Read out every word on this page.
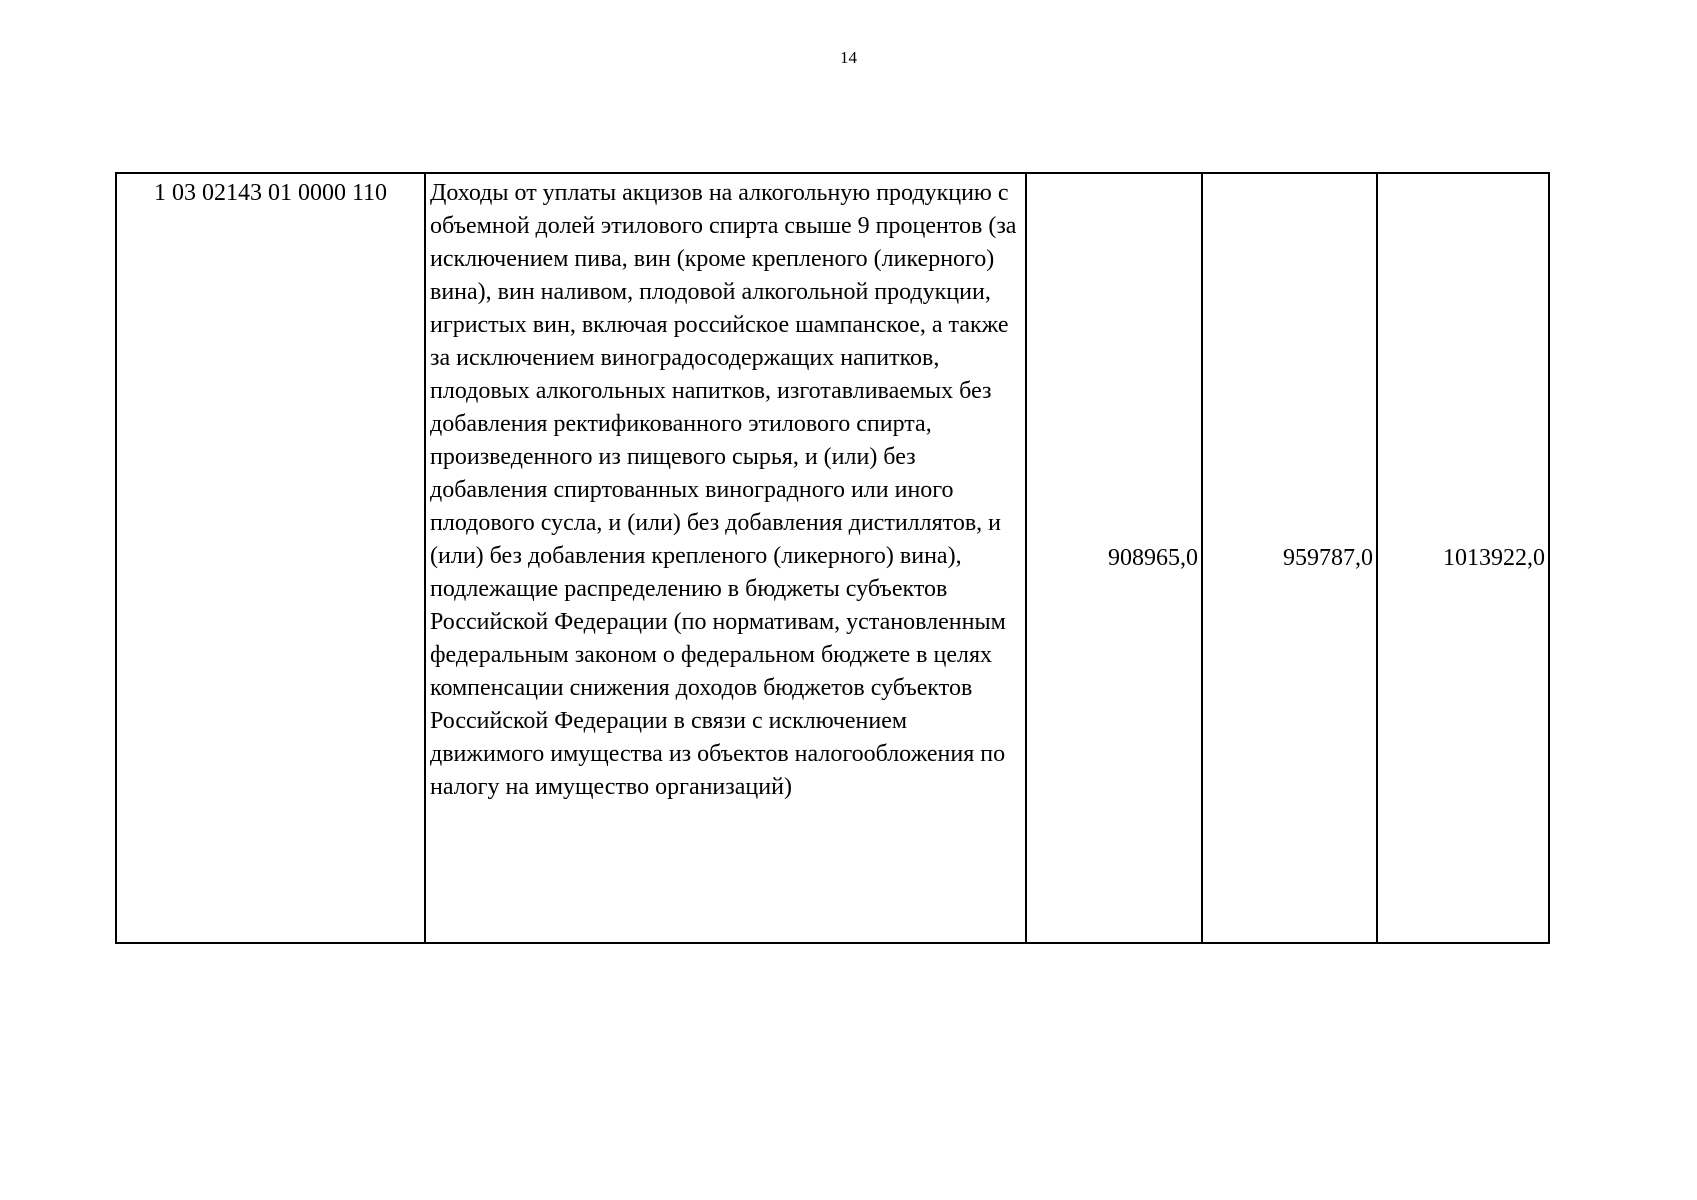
14
1 03 02143 01 0000 110	Доходы от уплаты акцизов на алкогольную продукцию с объемной долей этилового спирта свыше 9 процентов (за исключением пива, вин (кроме крепленого (ликерного) вина), вин наливом, плодовой алкогольной продукции, игристых вин, включая российское шампанское, а также за исключением виноградосодержащих напитков, плодовых алкогольных напитков, изготавливаемых без добавления ректификованного этилового спирта, произведенного из пищевого сырья, и (или) без добавления спиртованных виноградного или иного плодового сусла, и (или) без добавления дистиллятов, и (или) без добавления крепленого (ликерного) вина), подлежащие распределению в бюджеты субъектов Российской Федерации (по нормативам, установленным федеральным законом о федеральном бюджете в целях компенсации снижения доходов бюджетов субъектов Российской Федерации в связи с исключением движимого имущества из объектов налогообложения по налогу на имущество организаций)	908965,0	959787,0	1013922,0
